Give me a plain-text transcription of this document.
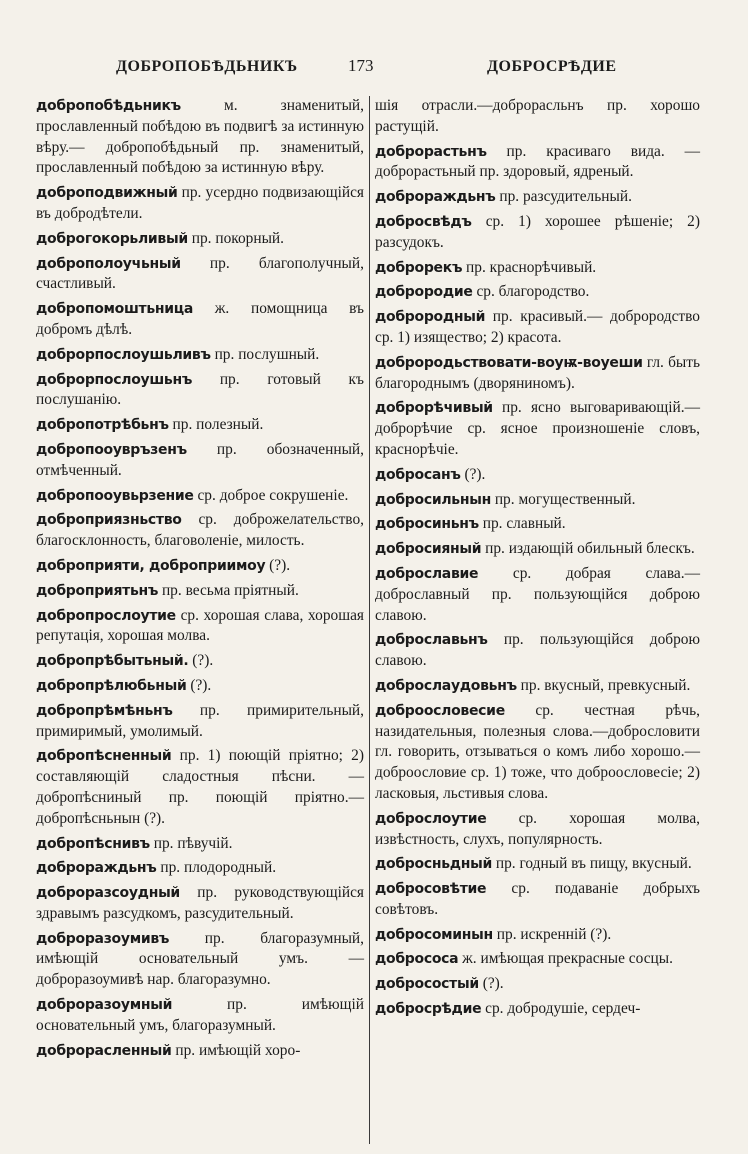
ДОБРОПОБѢДЬНИКЪ	173	ДОБРОСРѢДИЕ
добропобѣдьникъ м. знаменитый, прославленный побѣдою въ подвигѣ за истинную вѣру.— добропобѣдьный пр. знаменитый, прославленный побѣдою за истинную вѣру.
доброподвижный пр. усердно подвизающійся въ добродѣтели.
доброгокорьливый пр. покорный.
доброполоучьный пр. благополучный, счастливый.
добропомоштьница ж. помощница въ добромъ дѣлѣ.
доброрпослоушьливъ пр. послушный.
доброрпослоушьнъ пр. готовый къ послушанію.
добропотрѣбьнъ пр. полезный.
добропоoувръзенъ пр. обозначенный, отмѣченный.
добропоoувьрзение ср. доброе сокрушеніе.
доброприязньство ср. доброжелательство, благосклонность, благоволеніе, милость.
доброприяти, доброприимоу (?).
доброприятьнъ пр. весьма пріятный.
добропрослоутие ср. хорошая слава, хорошая репутація, хорошая молва.
добропрѣбытьный. (?).
добропрѣлюбьный (?).
добропрѣмѣньнъ пр. примирительный, примиримый, умолимый.
добропѣсненный пр. 1) поющій пріятно; 2) составляющій сладостныя пѣсни. — добропѣсниный пр. поющій пріятно.—добропѣсньнын (?).
добропѣснивъ пр. пѣвучій.
доброраждьнъ пр. плодородный.
доброразсоудный пр. руководствующійся здравымъ разсудкомъ, разсудительный.
доброразоумивъ пр. благоразумный, имѣющій основательный умъ. — доброразоумивѣ нар. благоразумно.
доброразоумный пр. имѣющій основательный умъ, благоразумный.
доброрасленный пр. имѣющій хоро-
шія отрасли.—доброрасльнъ пр. хорошо растущій.
доброрастьнъ пр. красиваго вида. — доброрастьный пр. здоровый, ядреный.
доброраждьнъ пр. разсудительный.
добросвѣдъ ср. 1) хорошее рѣшеніе; 2) разсудокъ.
доброрекъ пр. краснорѣчивый.
доброродие ср. благородство.
доброродный пр. красивый.— доброродство ср. 1) изящество; 2) красота.
доброродьствовати-воуѭ-воуеши гл. быть благороднымъ (дворяниномъ).
доброрѣчивый пр. ясно выговаривающій.—доброрѣчие ср. ясное произношеніе словъ, краснорѣчіе.
добросанъ (?).
добросильнын пр. могущественный.
добросиньнъ пр. славный.
добросияный пр. издающій обильный блескъ.
доброславие ср. добрая слава.—доброславный пр. пользующійся доброю славою.
доброславьнъ пр. пользующійся доброю славою.
доброслаудовьнъ пр. вкусный, превкусный.
доброословесие ср. честная рѣчь, назидательныя, полезныя слова.—добрословити гл. говорить, отзываться о комъ либо хорошо.—доброословие ср. 1) тоже, что доброословесіе; 2) ласковыя, льстивыя слова.
доброслоутие ср. хорошая молва, извѣстность, слухъ, популярность.
добросньдный пр. годный въ пищу, вкусный.
добросовѣтие ср. подаваніе добрыхъ совѣтовъ.
добросоминын пр. искренній (?).
добрососа ж. имѣющая прекрасные сосцы.
добросостый (?).
добросрѣдие ср. добродушіе, сердеч-
